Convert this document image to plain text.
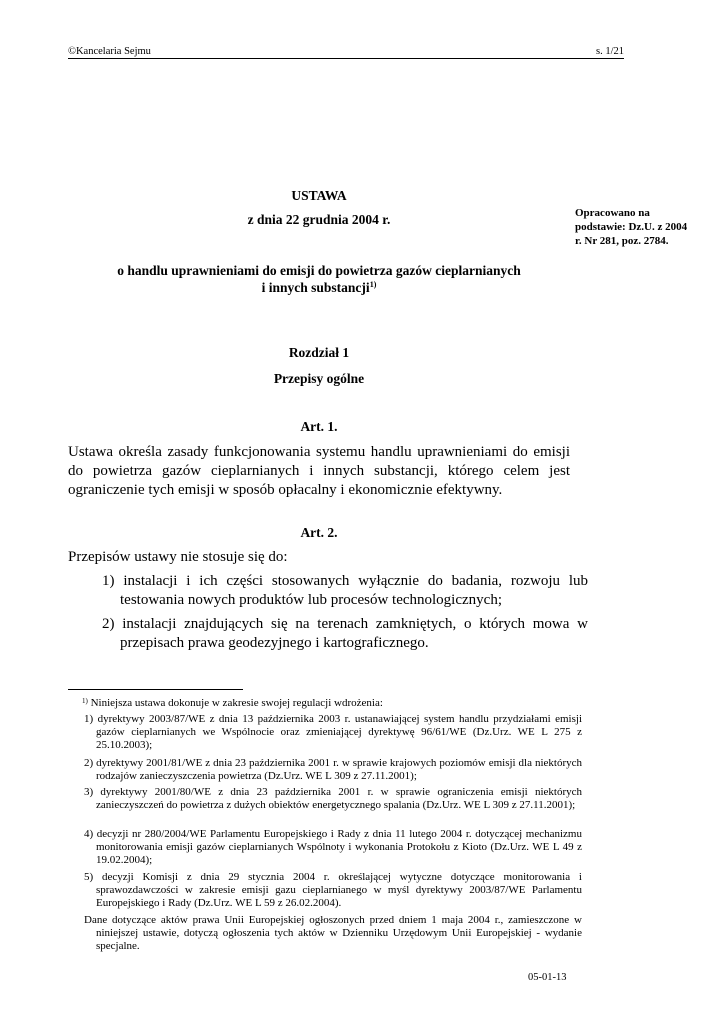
©Kancelaria Sejmu	s. 1/21

USTAWA

z dnia 22 grudnia 2004 r.

o handlu uprawnieniami do emisji do powietrza gazów cieplarnianych
i innych substancji$^{1)}$

Opracowano na podstawie: Dz.U. z 2004 r. Nr 281, poz. 2784.

Rozdział 1

Przepisy ogólne

Art. 1.

Ustawa określa zasady funkcjonowania systemu handlu uprawnieniami do emisji do powietrza gazów cieplarnianych i innych substancji, którego celem jest ograniczenie tych emisji w sposób opłacalny i ekonomicznie efektywny.

Art. 2.

Przepisów ustawy nie stosuje się do:

1) instalacji i ich części stosowanych wyłącznie do badania, rozwoju lub testowania nowych produktów lub procesów technologicznych;

2) instalacji znajdujących się na terenach zamkniętych, o których mowa w przepisach prawa geodezyjnego i kartograficznego.

$^{1)}$ Niniejsza ustawa dokonuje w zakresie swojej regulacji wdrożenia:

1) dyrektywy 2003/87/WE z dnia 13 października 2003 r. ustanawiającej system handlu przydziałami emisji gazów cieplarnianych we Wspólnocie oraz zmieniającej dyrektywę 96/61/WE (Dz.Urz. WE L 275 z 25.10.2003);

2) dyrektywy 2001/81/WE z dnia 23 października 2001 r. w sprawie krajowych poziomów emisji dla niektórych rodzajów zanieczyszczenia powietrza (Dz.Urz. WE L 309 z 27.11.2001);

3) dyrektywy 2001/80/WE z dnia 23 października 2001 r. w sprawie ograniczenia emisji niektórych zanieczyszczeń do powietrza z dużych obiektów energetycznego spalania (Dz.Urz. WE L 309 z 27.11.2001);

4) decyzji nr 280/2004/WE Parlamentu Europejskiego i Rady z dnia 11 lutego 2004 r. dotyczącej mechanizmu monitorowania emisji gazów cieplarnianych Wspólnoty i wykonania Protokołu z Kioto (Dz.Urz. WE L 49 z 19.02.2004);

5) decyzji Komisji z dnia 29 stycznia 2004 r. określającej wytyczne dotyczące monitorowania i sprawozdawczości w zakresie emisji gazu cieplarnianego w myśl dyrektywy 2003/87/WE Parlamentu Europejskiego i Rady (Dz.Urz. WE L 59 z 26.02.2004).

Dane dotyczące aktów prawa Unii Europejskiej ogłoszonych przed dniem 1 maja 2004 r., zamieszczone w niniejszej ustawie, dotyczą ogłoszenia tych aktów w Dzienniku Urzędowym Unii Europejskiej - wydanie specjalne.

05-01-13
